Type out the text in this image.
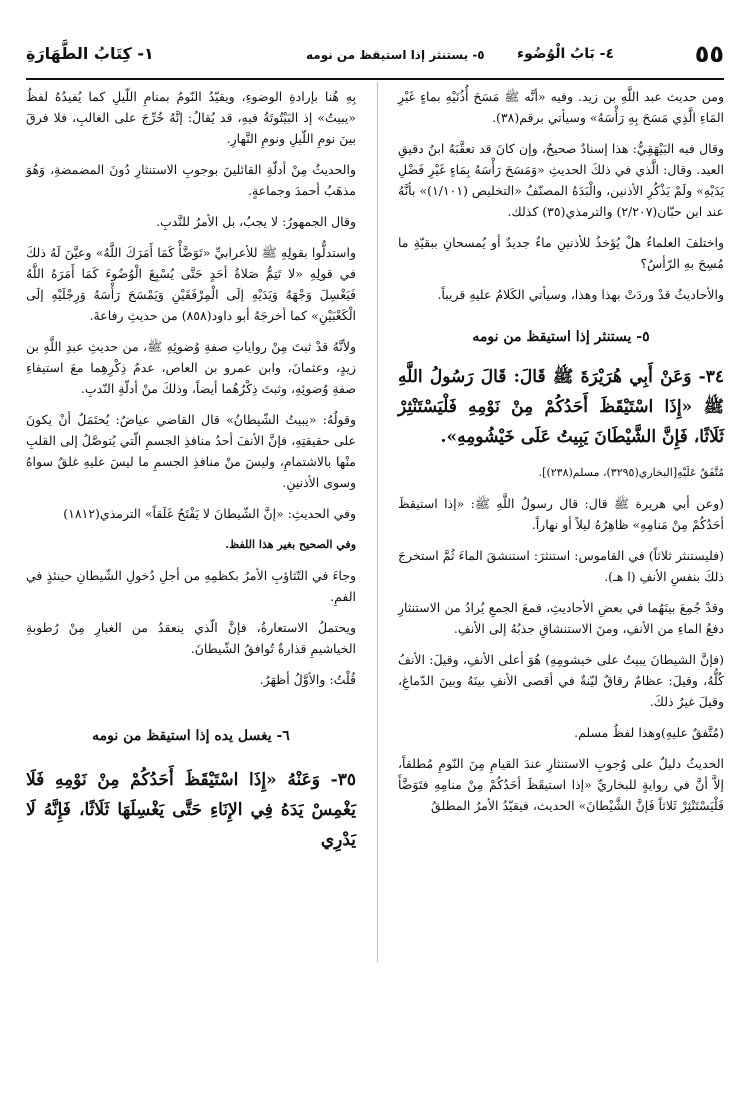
٥٥
٤- بَابُ الْوُضُوء
٥- يستنثر إذا استيقظ من نومه
١- كِتَابُ الطَّهَارَةِ

ومن حديث عبد اللَّهِ بن زيد. وفيه «أنَّه ﷺ مَسَحَ أُذُنَيْهِ بماءٍ غَيْرِ المَاءِ الَّذِي مَسَحَ بِهِ رَأْسَهُ» وسيأتي برقم(٣٨).

وقال فيه البَيْهَقِيُّ: هذا إسنادٌ صحيحٌ، وإن كانَ قد تعقَّبَهُ ابنُ دقيقِ العيد. وقال: الَّذي في ذلكَ الحديثِ «وَمَسَحَ رَأْسَهُ بِمَاءٍ غَيْرِ فَضْلِ يَدَيْهِ» ولَمْ يَذْكُرِ الأذنين، والْبَدَهُ المصنّفُ «التخليص (١/١٠١)» بأنَّهُ عند ابن حبّان(٢/٢٠٧) والترمذي(٣٥) كذلك.

واختلفَ العلماءُ هلْ يُؤخذُ للأذنينِ ماءٌ جديدٌ أو يُمسحانِ ببقيّةِ ما مُسِحَ بهِ الرّأسُ؟

والأحاديثُ قدْ وردَتْ بهذا وهذا، وسيأتي الكَلامُ عليهِ قريباً.

٥- يستنثر إذا استيقظ من نومه

٣٤- وَعَنْ أَبِي هُرَيْرَةَ ﷺ قَالَ: قَالَ رَسُولُ اللَّهِ ﷺ «إِذَا اسْتَيْقَظَ أَحَدُكُمْ مِنْ نَوْمِهِ فَلْيَسْتَنْثِرْ ثَلَاثًا، فَإِنَّ الشَّيْطَانَ يَبِيتُ عَلَى خَيْشُومِهِ».

مُتَّفَقٌ عَلَيْهِ[البخاري(٣٢٩٥)، مسلم(٢٣٨)].

(وعن أبي هريرة ﷺ قال: قال رسولُ اللَّهِ ﷺ: «إذا استيقظَ أحَدُكُمْ مِنْ مَنامِهِ» ظاهِرُهُ ليلاً أو نهاراً.

(فليستنثر ثلاثاً) في القاموس: استنثرَ: استنشقَ الماءَ ثُمَّ استخرجَ ذلكَ بنفسِ الأنفِ (ا هـ).

وقدْ جُمِعَ بينَهُما في بعضِ الأحاديثِ، فمعَ الجمعِ يُرادُ من الاستنثارِ دفعُ الماءِ من الأنفِ، ومنَ الاستنشاقِ جذبُهُ إلى الأنفِ.

(فإنَّ الشيطانَ يبيتُ على خيشومِهِ) هُوَ أعلى الأنفِ، وقيلَ: الأنفُ كُلُّهُ، وقيلَ: عظامٌ رقاقٌ ليّنةٌ في أقصى الأنفِ بينَهُ وبينَ الدّماغِ، وقيلَ غيرُ ذلكَ.

(مُتَّفقٌ عليهِ)وهذا لفظُ مسلم.

الحديثُ دليلٌ على وُجوبِ الاستنثارِ عندَ القيامِ مِنَ النّومِ مُطلقاً، إلاَّ أنَّ في روايةٍ للبخاريِّ «إذا استيقَظَ أحَدُكُمْ مِنْ منامِهِ فتَوَضَّأَ فَلْيَسْتَنْثِرْ ثَلاثاً فَإنَّ الشَّيْطانَ» الحديث، فيقيّدُ الأمرُ المطلقُ

بِهِ هُنا بإرادةِ الوضوءِ، ويقيّدُ النّومُ بمنامِ اللّيلِ كما يُفيدُهُ لفظُ «يبيتُ» إذ البَيْتُوتَةُ فيهِ، قد يُقالُ: إنَّهُ خُرِّجَ على الغالبِ، فلا فرقَ بينَ نومِ اللّيلِ ونومِ النَّهارِ.

والحديثُ مِنْ أدلّةِ القائلينَ بوجوبِ الاستنثارِ دُونَ المضمضةِ، وَهُوَ مذهَبُ أحمدَ وجماعةٍ.

وقال الجمهورُ: لا يجبُ، بل الأمرُ للنَّدبِ.

واستدلُّوا بقولِهِ ﷺ للأعرابيِّ «تَوَضَّأْ كَمَا أَمَرَكَ اللَّهُ» وعيَّنَ لَهُ ذلكَ في قولِهِ «لا تَتِمُّ صَلاةُ أحَدٍ حَتَّى يُسْبِغَ الْوُضُوءَ كَمَا أَمَرَهُ اللَّهُ فَيَغْسِلَ وَجْهَهُ وَيَدَيْهِ إلَى الْمِرْفَقَيْنِ وَيَمْسَحَ رَأْسَهُ وَرِجْلَيْهِ إلَى الْكَعْبَيْنِ» كما أخرجَهُ أبو داود(٨٥٨) من حديثِ رفاعةَ.

ولأنَّهُ قدْ ثبتَ مِنْ رواياتِ صفةِ وُضوئِهِ ﷺ، من حديثِ عبدِ اللَّهِ بن زيدٍ، وعثمانَ، وابن عمرو بن العاص، عدمُ ذِكْرِهِما معَ استيفاءِ صفةِ وُضوئِهِ، وثبتَ ذِكْرُهُما أيضاً، وذلكَ منْ أدلّةِ النّدبِ.

وقولُهُ: «يبيتُ الشّيطانُ» قال القاضي عياضٌ: يُحتَمَلُ أنْ يكونَ على حقيقتِهِ، فإنَّ الأنفَ أحدُ منافذِ الجسمِ الّتي يُتوصَّلُ إلى القلبِ منْها بالاشتمامِ، وليسَ منْ منافذِ الجسمِ ما ليسَ عليهِ غلقٌ سواهُ وسوى الأذنينِ.

وفي الحديثِ: «إنَّ الشّيطانَ لا يَفْتَحُ غَلَقاً» الترمذي(١٨١٢)

وفي الصحيح بغير هذا اللفظ.

وجاءَ في التّثاؤبِ الأمرُ بكظمِهِ من أجلِ دُخولِ الشّيطانِ حينئذٍ في الفمِ.

ويحتملُ الاستعارةُ، فإنَّ الّذي ينعقدُ من الغبارِ مِنْ رُطوبةِ الخياشيمِ قذارةٌ تُوافقُ الشّيطانَ.

قُلْتُ: والأوَّلُ أظهَرُ.

٦- يغسل يده إذا استيقظ من نومه

٣٥- وَعَنْهُ «إِذَا اسْتَيْقَظَ أَحَدُكُمْ مِنْ نَوْمِهِ فَلَا يَغْمِسْ يَدَهُ فِي الإِنَاءِ حَتَّى يَغْسِلَهَا ثَلَاثًا، فَإِنَّهُ لَا يَدْرِي
